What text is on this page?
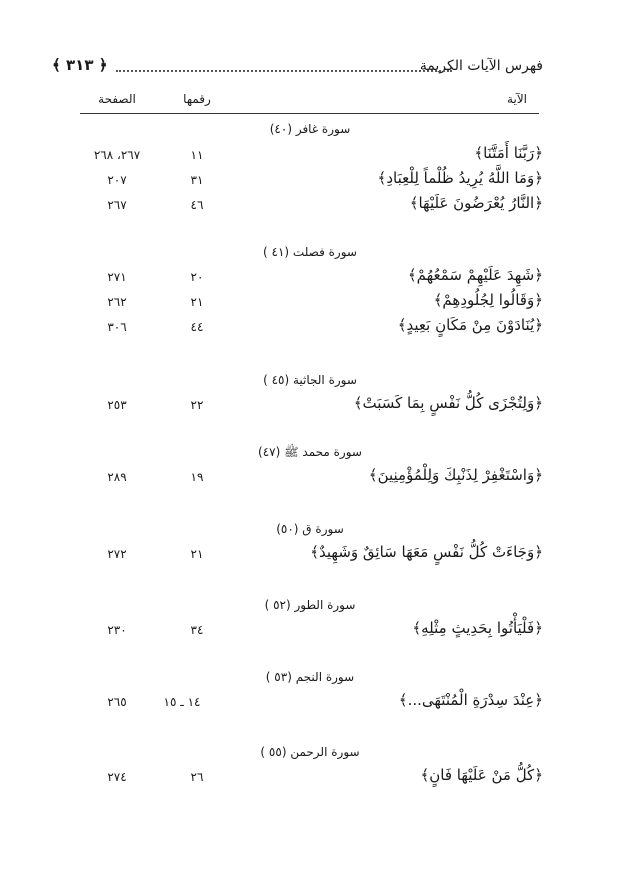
فهرس الآيات الكريمة
﴿ ٣١٣ ﴾
الآية
رقمها
الصفحة
سورة غافر (٤٠)
﴿رَبَّنَا أَمَتَّنَا﴾
١١
٢٦٧، ٢٦٨
﴿وَمَا اللَّهُ يُرِيدُ ظُلْماً لِلْعِبَادِ﴾
٣١
٢٠٧
﴿النَّارُ يُعْرَضُونَ عَلَيْهَا﴾
٤٦
٢٦٧
سورة فصلت (٤١ )
﴿شَهِدَ عَلَيْهِمْ سَمْعُهُمْ﴾
٢٠
٢٧١
﴿وَقَالُوا لِجُلُودِهِمْ﴾
٢١
٢٦٢
﴿يُنَادَوْنَ مِنْ مَكَانٍ بَعِيدٍ﴾
٤٤
٣٠٦
سورة الجاثية (٤٥ )
﴿وَلِتُجْزَى كُلُّ نَفْسٍ بِمَا كَسَبَتْ﴾
٢٢
٢٥٣
سورة محمد ﷺ (٤٧)
﴿وَاسْتَغْفِرْ لِذَنْبِكَ وَلِلْمُؤْمِنِينَ﴾
١٩
٢٨٩
سورة ق (٥٠)
﴿وَجَاءَتْ كُلُّ نَفْسٍ مَعَهَا سَائِقٌ وَشَهِيدٌ﴾
٢١
٢٧٢
سورة الطور (٥٢ )
﴿فَلْيَأْتُوا بِحَدِيثٍ مِثْلِهِ﴾
٣٤
٢٣٠
سورة النجم (٥٣ )
﴿عِنْدَ سِدْرَةِ الْمُنْتَهَى...﴾
١٤ ـ ١٥
٢٦٥
سورة الرحمن (٥٥ )
﴿كُلُّ مَنْ عَلَيْهَا فَانٍ﴾
٢٦
٢٧٤
